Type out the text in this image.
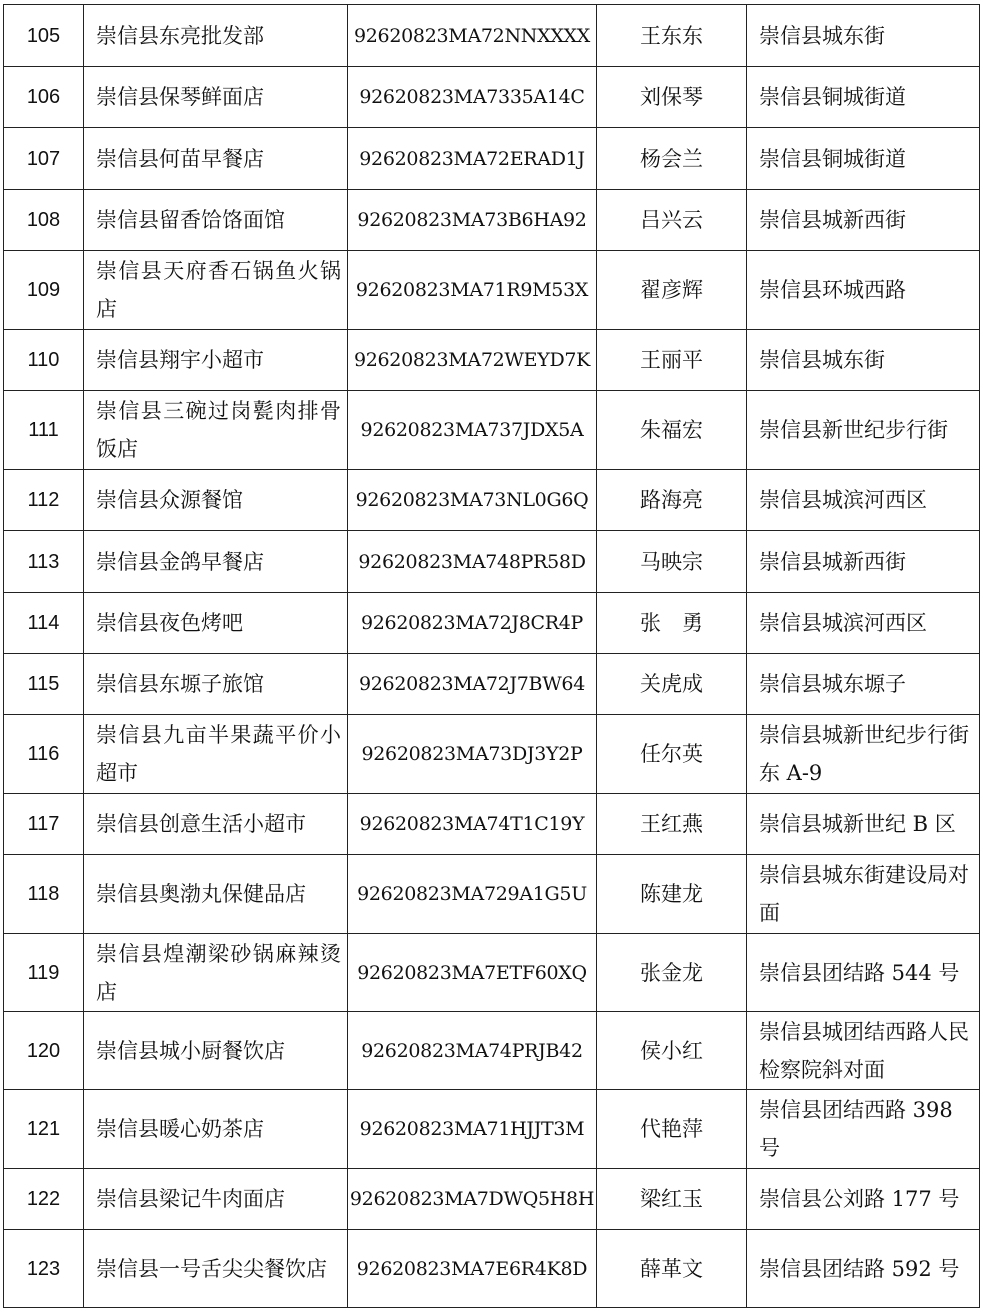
105	崇信县东亮批发部	92620823MA72NNXXXX	王东东	崇信县城东街
106	崇信县保琴鲜面店	92620823MA7335A14C	刘保琴	崇信县铜城街道
107	崇信县何苗早餐店	92620823MA72ERAD1J	杨会兰	崇信县铜城街道
108	崇信县留香饸饹面馆	92620823MA73B6HA92	吕兴云	崇信县城新西街
109	崇信县天府香石锅鱼火锅店	92620823MA71R9M53X	翟彦辉	崇信县环城西路
110	崇信县翔宇小超市	92620823MA72WEYD7K	王丽平	崇信县城东街
111	崇信县三碗过岗甏肉排骨饭店	92620823MA737JDX5A	朱福宏	崇信县新世纪步行街
112	崇信县众源餐馆	92620823MA73NL0G6Q	路海亮	崇信县城滨河西区
113	崇信县金鸽早餐店	92620823MA748PR58D	马映宗	崇信县城新西街
114	崇信县夜色烤吧	92620823MA72J8CR4P	张　勇	崇信县城滨河西区
115	崇信县东塬子旅馆	92620823MA72J7BW64	关虎成	崇信县城东塬子
116	崇信县九亩半果蔬平价小超市	92620823MA73DJ3Y2P	任尔英	崇信县城新世纪步行街东 A-9
117	崇信县创意生活小超市	92620823MA74T1C19Y	王红燕	崇信县城新世纪 B 区
118	崇信县奥渤丸保健品店	92620823MA729A1G5U	陈建龙	崇信县城东街建设局对面
119	崇信县煌潮梁砂锅麻辣烫店	92620823MA7ETF60XQ	张金龙	崇信县团结路 544 号
120	崇信县城小厨餐饮店	92620823MA74PRJB42	侯小红	崇信县城团结西路人民检察院斜对面
121	崇信县暖心奶茶店	92620823MA71HJJT3M	代艳萍	崇信县团结西路 398 号
122	崇信县梁记牛肉面店	92620823MA7DWQ5H8H	梁红玉	崇信县公刘路 177 号
123	崇信县一号舌尖尖餐饮店	92620823MA7E6R4K8D	薛革文	崇信县团结路 592 号
